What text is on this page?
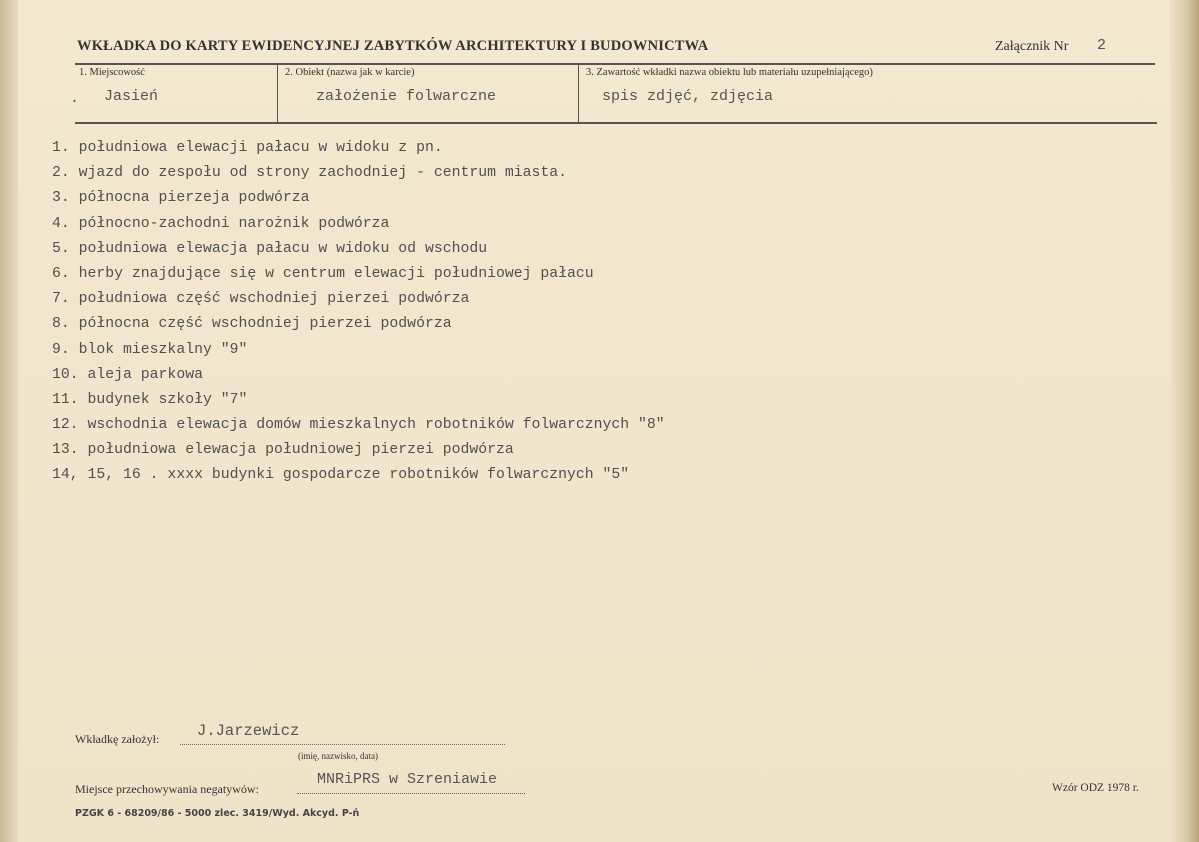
WKŁADKA DO KARTY EWIDENCYJNEJ ZABYTKÓW ARCHITEKTURY I BUDOWNICTWA	Załącznik Nr 2
1. Miejscowość	2. Obiekt (nazwa jak w karcie)	3. Zawartość wkładki nazwa obiektu lub materiału uzupełniającego)
. Jasień	założenie folwarczne	spis zdjęć, zdjęcia
1. południowa elewacji pałacu w widoku z pn.
2. wjazd do zespołu od strony zachodniej - centrum miasta.
3. północna pierzeja podwórza
4. północno-zachodni narożnik podwórza
5. południowa elewacja pałacu w widoku od wschodu
6. herby znajdujące się w centrum elewacji południowej pałacu
7. południowa część wschodniej pierzei podwórza
8. północna część wschodniej pierzei podwórza
9. blok mieszkalny "9"
10. aleja parkowa
11. budynek szkoły "7"
12. wschodnia elewacja domów mieszkalnych robotników folwarcznych "8"
13. południowa elewacja południowej pierzei podwórza
14, 15, 16 . xxxx budynki gospodarcze robotników folwarcznych "5"
Wkładkę założył: J.Jarzewicz
(imię, nazwisko, data)
Miejsce przechowywania negatywów:
MNRiPRS w Szreniawie
PZGK 6 - 68209/86 - 5000 zlec. 3419/Wyd. Akcyd. P-ń
Wzór ODZ 1978 r.
